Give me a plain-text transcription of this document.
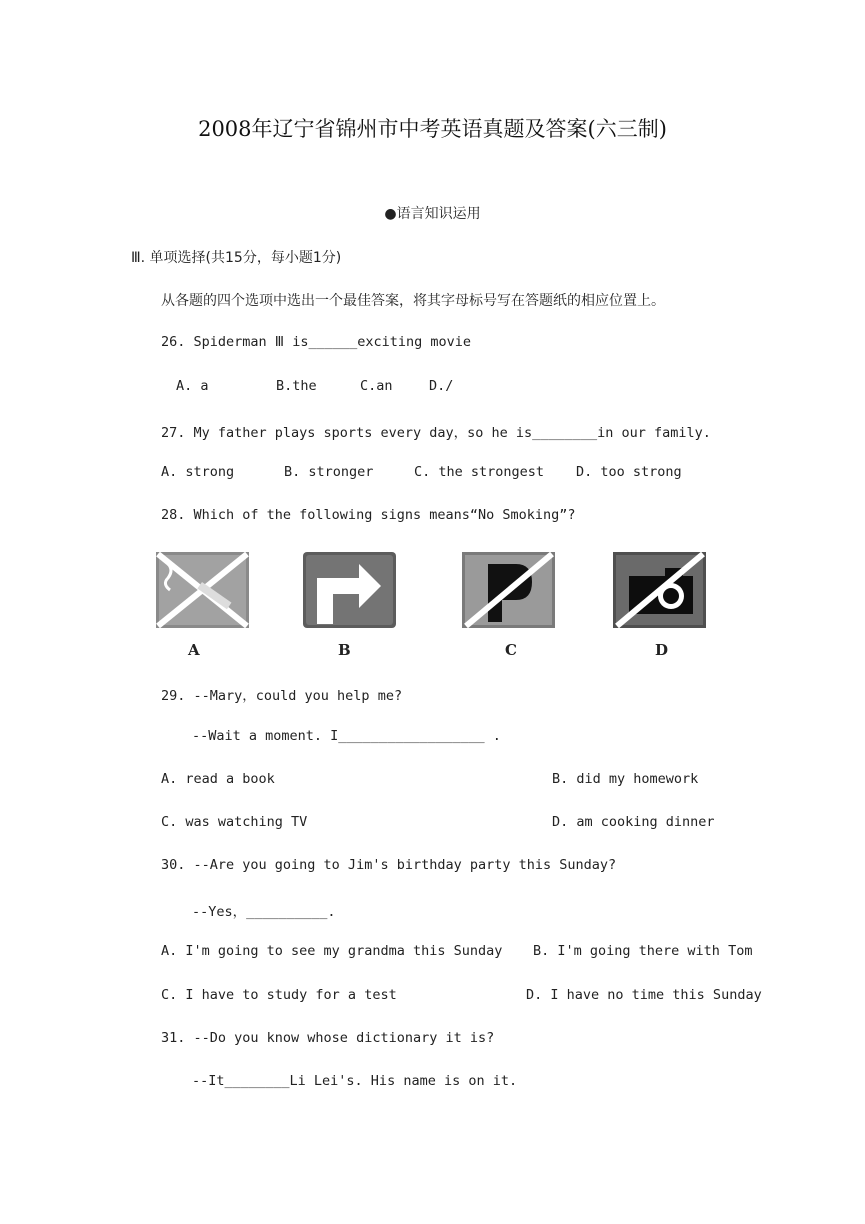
2008年辽宁省锦州市中考英语真题及答案(六三制)
●语言知识运用
Ⅲ. 单项选择(共15分，每小题1分)
从各题的四个选项中选出一个最佳答案，将其字母标号写在答题纸的相应位置上。
26. Spiderman Ⅲ is______exciting movie
A. a	B.the	C.an	D./
27. My father plays sports every day，so he is________in our family.
A. strong	B. stronger	C. the strongest D. too strong
28. Which of the following signs means“No Smoking”?
A	B	C	D
29. --Mary，could you help me?
--Wait a moment. I__________________ .
A. read a book	B. did my homework
C. was watching TV	D. am cooking dinner
30. --Are you going to Jim's birthday party this Sunday?
--Yes，__________.
A. I'm going to see my grandma this Sunday B. I'm going there with Tom
C. I have to study for a test	D. I have no time this Sunday
31. --Do you know whose dictionary it is?
--It________Li Lei's. His name is on it.
